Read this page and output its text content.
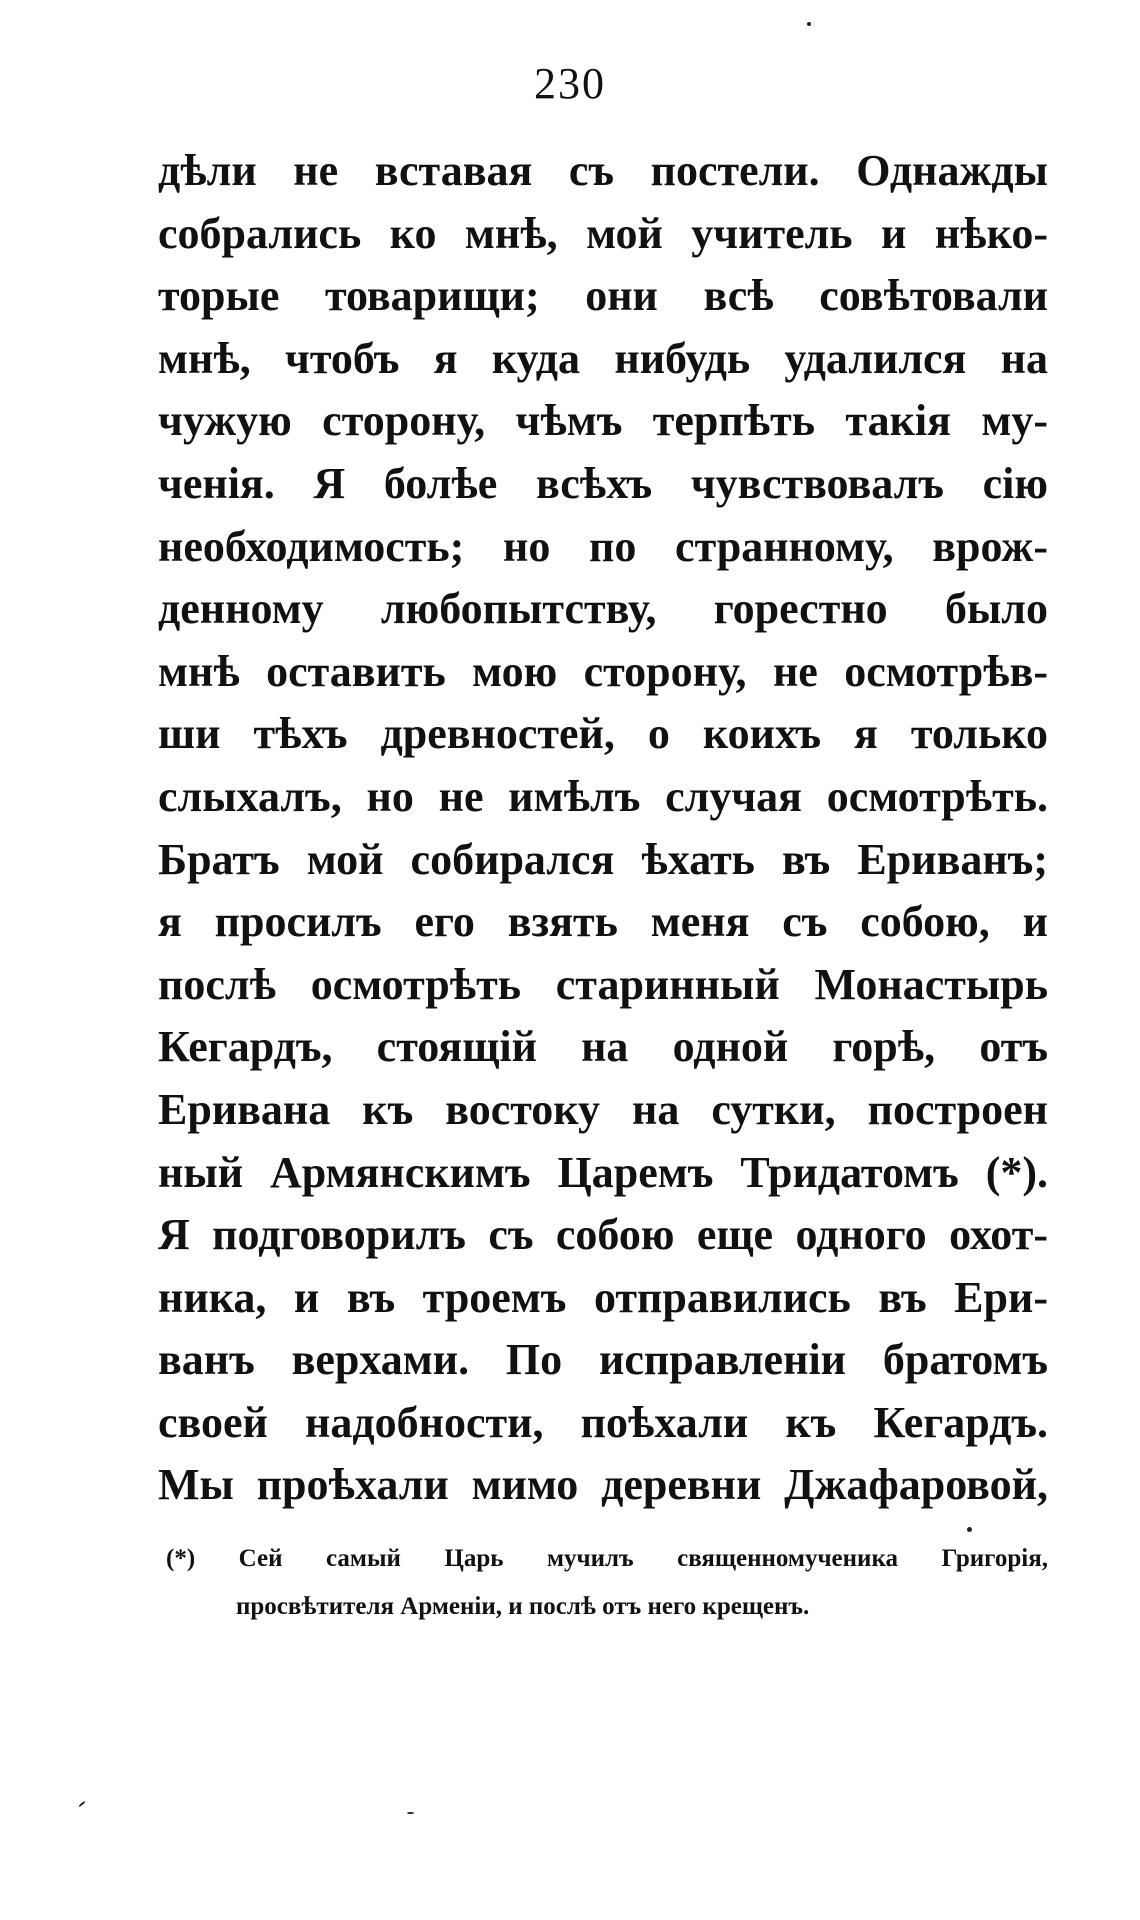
230
дѣли не вставая съ постели. Однажды
собрались ко мнѣ, мой учитель и нѣко-
торые товарищи; они всѣ совѣтовали
мнѣ, чтобъ я куда нибудь удалился на
чужую сторону, чѣмъ терпѣть такія му-
ченія. Я болѣе всѣхъ чувствовалъ сію
необходимость; но по странному, врож-
денному любопытству, горестно было
мнѣ оставить мою сторону, не осмотрѣв-
ши тѣхъ древностей, о коихъ я только
слыхалъ, но не имѣлъ случая осмотрѣть.
Братъ мой собирался ѣхать въ Ериванъ;
я просилъ его взять меня съ собою, и
послѣ осмотрѣть старинный Монастырь
Кегардъ, стоящій на одной горѣ, отъ
Еривана къ востоку на сутки, построен
ный Армянскимъ Царемъ Тридатомъ (*).
Я подговорилъ съ собою еще одного охот-
ника, и въ троемъ отправились въ Ери-
ванъ верхами. По исправленіи братомъ
своей надобности, поѣхали къ Кегардъ.
Мы проѣхали мимо деревни Джафаровой,
(*) Сей самый Царь мучилъ священномученика Григорія,
просвѣтителя Арменіи, и послѣ отъ него крещенъ.
